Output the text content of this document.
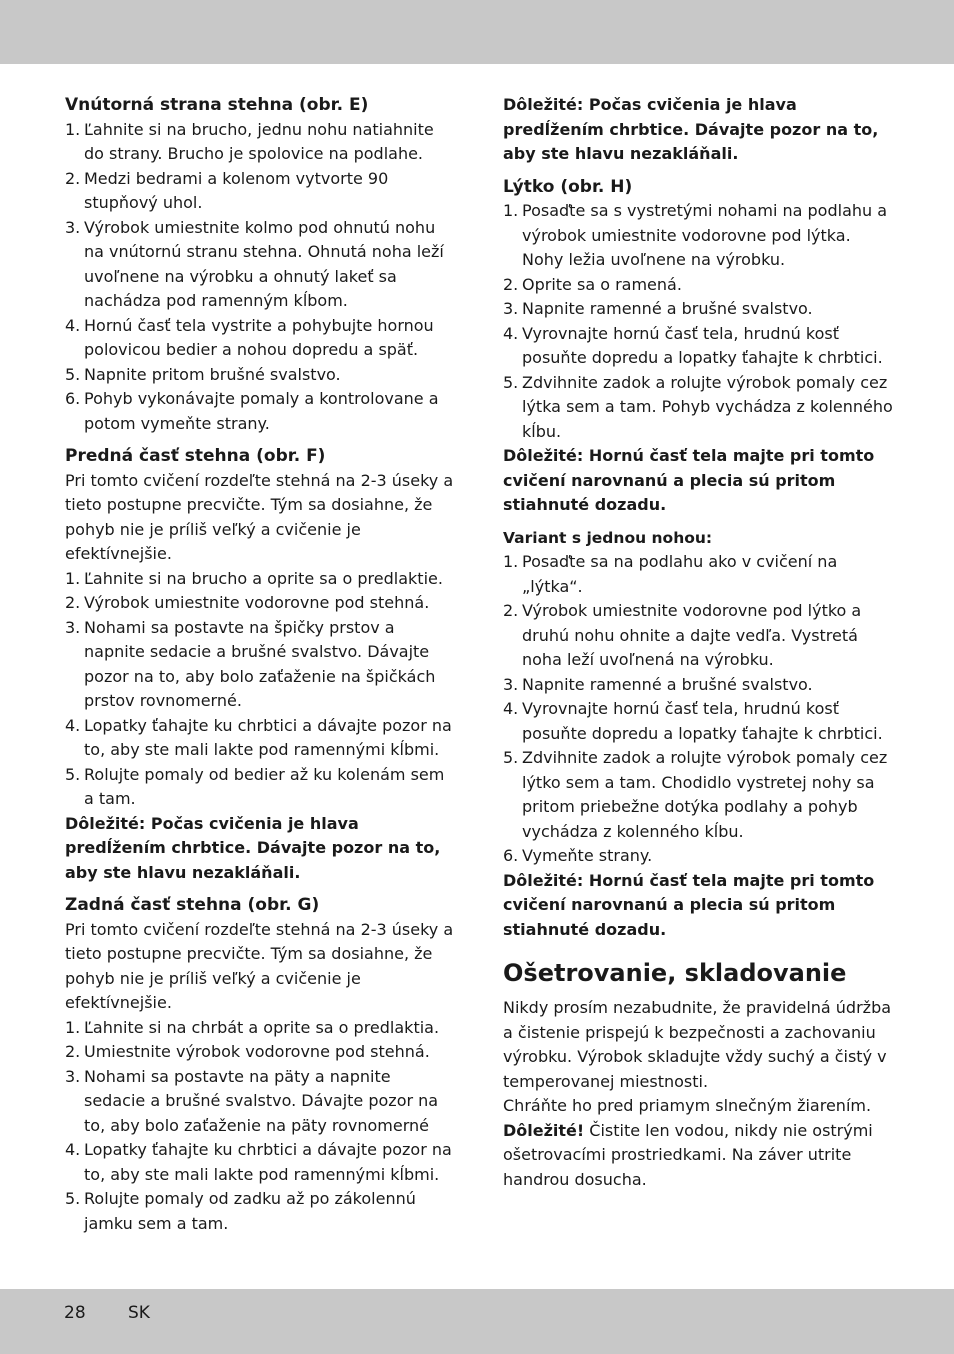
Vnútorná strana stehna (obr. E)
1. Ľahnite si na brucho, jednu nohu natiahnite do strany. Brucho je spolovice na podlahe.
2. Medzi bedrami a kolenom vytvorte 90 stupňový uhol.
3. Výrobok umiestnite kolmo pod ohnutú nohu na vnútornú stranu stehna. Ohnutá noha leží uvoľnene na výrobku a ohnutý lakeť sa nachádza pod ramenným kĺbom.
4. Hornú časť tela vystrite a pohybujte hornou polovicou bedier a nohou dopredu a späť.
5. Napnite pritom brušné svalstvo.
6. Pohyb vykonávajte pomaly a kontrolovane a potom vymeňte strany.
Predná časť stehna (obr. F)

Pri tomto cvičení rozdeľte stehná na 2-3 úseky a tieto postupne precvičte. Tým sa dosiahne, že pohyb nie je príliš veľký a cvičenie je efektívnejšie.

1. Ľahnite si na brucho a oprite sa o predlaktie.
2. Výrobok umiestnite vodorovne pod stehná.
3. Nohami sa postavte na špičky prstov a napnite sedacie a brušné svalstvo. Dávajte pozor na to, aby bolo zaťaženie na špičkách prstov rovnomerné.
4. Lopatky ťahajte ku chrbtici a dávajte pozor na to, aby ste mali lakte pod ramennými kĺbmi.
5. Rolujte pomaly od bedier až ku kolenám sem a tam.

Dôležité: Počas cvičenia je hlava predĺžením chrbtice. Dávajte pozor na to, aby ste hlavu nezakláňali.

Zadná časť stehna (obr. G)

Pri tomto cvičení rozdeľte stehná na 2-3 úseky a tieto postupne precvičte. Tým sa dosiahne, že pohyb nie je príliš veľký a cvičenie je efektívnejšie.

1. Ľahnite si na chrbát a oprite sa o predlaktia.
2. Umiestnite výrobok vodorovne pod stehná.
3. Nohami sa postavte na päty a napnite sedacie a brušné svalstvo. Dávajte pozor na to, aby bolo zaťaženie na päty rovnomerné
4. Lopatky ťahajte ku chrbtici a dávajte pozor na to, aby ste mali lakte pod ramennými kĺbmi.
5. Rolujte pomaly od zadku až po zákolennú jamku sem a tam.

Dôležité: Počas cvičenia je hlava predĺžením chrbtice. Dávajte pozor na to, aby ste hlavu nezakláňali.

Lýtko (obr. H)
1. Posaďte sa s vystretými nohami na podlahu a výrobok umiestnite vodorovne pod lýtka. Nohy ležia uvoľnene na výrobku.
2. Oprite sa o ramená.
3. Napnite ramenné a brušné svalstvo.
4. Vyrovnajte hornú časť tela, hrudnú kosť posuňte dopredu a lopatky ťahajte k chrbtici.
5. Zdvihnite zadok a rolujte výrobok pomaly cez lýtka sem a tam. Pohyb vychádza z kolenného kĺbu.

Dôležité: Hornú časť tela majte pri tomto cvičení narovnanú a plecia sú pritom stiahnuté dozadu.

Variant s jednou nohou:

1. Posaďte sa na podlahu ako v cvičení na „lýtka“.
2. Výrobok umiestnite vodorovne pod lýtko a druhú nohu ohnite a dajte vedľa. Vystretá noha leží uvoľnená na výrobku.
3. Napnite ramenné a brušné svalstvo.
4. Vyrovnajte hornú časť tela, hrudnú kosť posuňte dopredu a lopatky ťahajte k chrbtici.
5. Zdvihnite zadok a rolujte výrobok pomaly cez lýtko sem a tam. Chodidlo vystretej nohy sa pritom priebežne dotýka podlahy a pohyb vychádza z kolenného kĺbu.
6. Vymeňte strany.

Dôležité: Hornú časť tela majte pri tomto cvičení narovnanú a plecia sú pritom stiahnuté dozadu.

Ošetrovanie, skladovanie

Nikdy prosím nezabudnite, že pravidelná údržba a čistenie prispejú k bezpečnosti a zachovaniu výrobku. Výrobok skladujte vždy suchý a čistý v temperovanej miestnosti.

Chráňte ho pred priamym slnečným žiarením.

Dôležité! Čistite len vodou, nikdy nie ostrými ošetrovacími prostriedkami. Na záver utrite handrou dosucha.

28 SK
